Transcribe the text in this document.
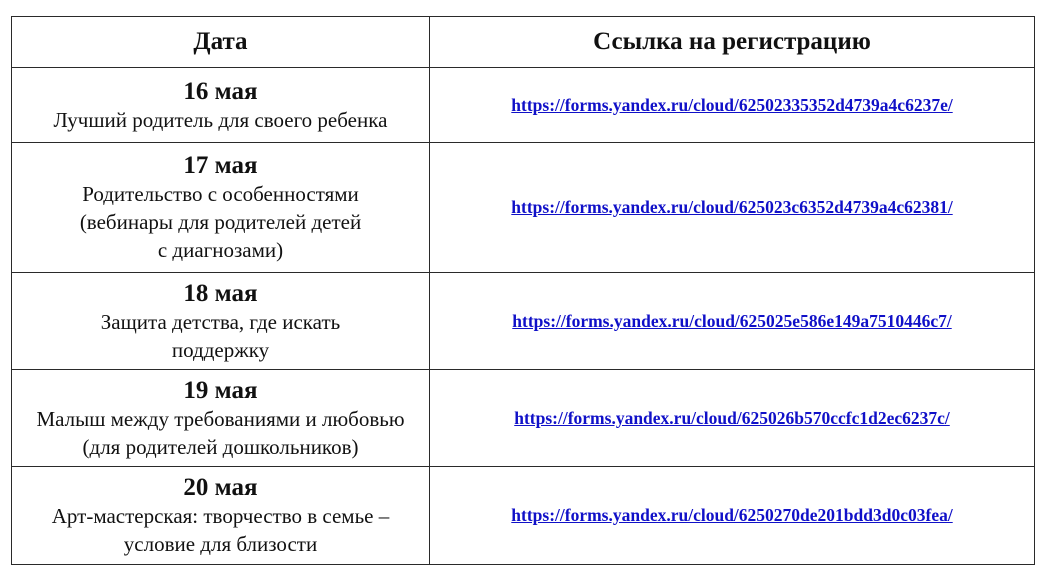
Дата	Ссылка на регистрацию

16 мая
Лучший родитель для своего ребенка	https://forms.yandex.ru/cloud/62502335352d4739a4c6237e/

17 мая
Родительство с особенностями
(вебинары для родителей детей
с диагнозами)	https://forms.yandex.ru/cloud/625023c6352d4739a4c62381/

18 мая
Защита детства, где искать
поддержку	https://forms.yandex.ru/cloud/625025e586e149a7510446c7/

19 мая
Малыш между требованиями и любовью
(для родителей дошкольников)	https://forms.yandex.ru/cloud/625026b570ccfc1d2ec6237c/

20 мая
Арт-мастерская: творчество в семье –
условие для близости	https://forms.yandex.ru/cloud/6250270de201bdd3d0c03fea/
